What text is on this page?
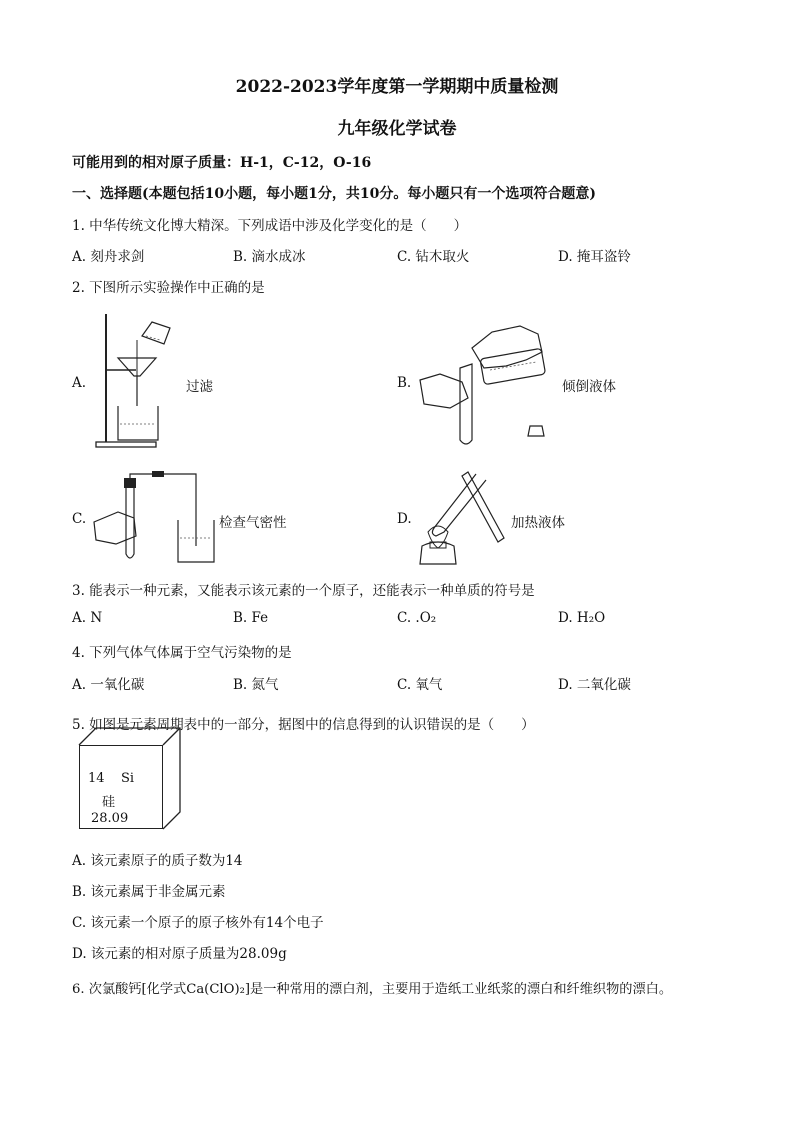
2022-2023学年度第一学期期中质量检测
九年级化学试卷
可能用到的相对原子质量：H-1，C-12，O-16
一、选择题(本题包括10小题，每小题1分，共10分。每小题只有一个选项符合题意)
1. 中华传统文化博大精深。下列成语中涉及化学变化的是（　　）
A. 刻舟求剑	B. 滴水成冰	C. 钻木取火	D. 掩耳盗铃
2. 下图所示实验操作中正确的是
A.	过滤	B.	倾倒液体
C.	检查气密性	D.	加热液体
3. 能表示一种元素，又能表示该元素的一个原子，还能表示一种单质的符号是
A. N	B. Fe	C. .O₂	D. H₂O
4. 下列气体气体属于空气污染物的是
A. 一氧化碳	B. 氮气	C. 氧气	D. 二氧化碳
5. 如图是元素周期表中的一部分，据图中的信息得到的认识错误的是（　　）
14 Si
硅
28.09
A. 该元素原子的质子数为14
B. 该元素属于非金属元素
C. 该元素一个原子的原子核外有14个电子
D. 该元素的相对原子质量为28.09g
6. 次氯酸钙[化学式Ca(ClO)₂]是一种常用的漂白剂，主要用于造纸工业纸浆的漂白和纤维织物的漂白。
